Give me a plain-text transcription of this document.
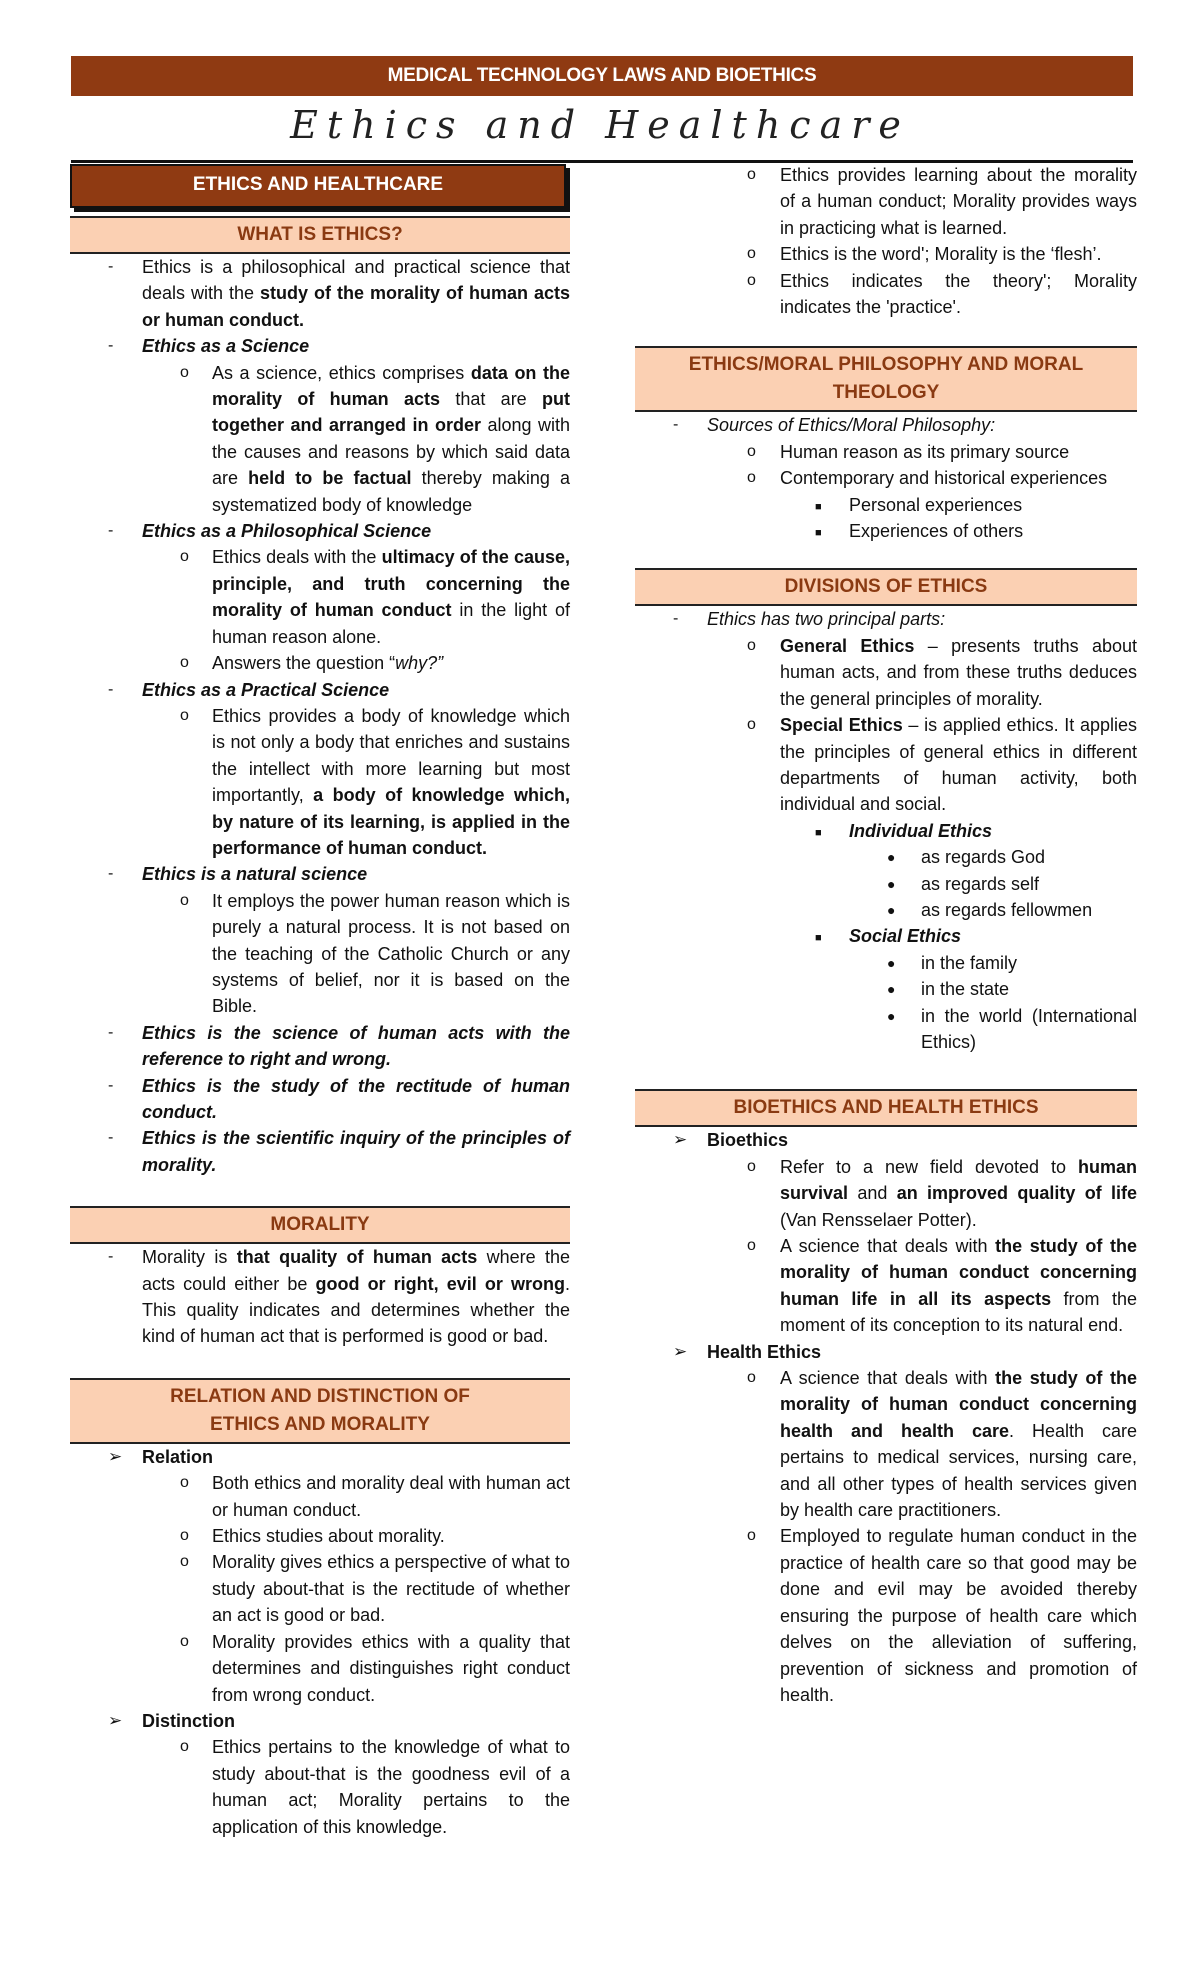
MEDICAL TECHNOLOGY LAWS AND BIOETHICS
Ethics and Healthcare
ETHICS AND HEALTHCARE
WHAT IS ETHICS?
- Ethics is a philosophical and practical science that deals with the study of the morality of human acts or human conduct.
- Ethics as a Science
o As a science, ethics comprises data on the morality of human acts that are put together and arranged in order along with the causes and reasons by which said data are held to be factual thereby making a systematized body of knowledge
- Ethics as a Philosophical Science
o Ethics deals with the ultimacy of the cause, principle, and truth concerning the morality of human conduct in the light of human reason alone.
o Answers the question “why?”
- Ethics as a Practical Science
o Ethics provides a body of knowledge which is not only a body that enriches and sustains the intellect with more learning but most importantly, a body of knowledge which, by nature of its learning, is applied in the performance of human conduct.
- Ethics is a natural science
o It employs the power human reason which is purely a natural process. It is not based on the teaching of the Catholic Church or any systems of belief, nor it is based on the Bible.
- Ethics is the science of human acts with the reference to right and wrong.
- Ethics is the study of the rectitude of human conduct.
- Ethics is the scientific inquiry of the principles of morality.
MORALITY
- Morality is that quality of human acts where the acts could either be good or right, evil or wrong. This quality indicates and determines whether the kind of human act that is performed is good or bad.
RELATION AND DISTINCTION OF
ETHICS AND MORALITY
➢ Relation
o Both ethics and morality deal with human act or human conduct.
o Ethics studies about morality.
o Morality gives ethics a perspective of what to study about-that is the rectitude of whether an act is good or bad.
o Morality provides ethics with a quality that determines and distinguishes right conduct from wrong conduct.
➢ Distinction
o Ethics pertains to the knowledge of what to study about-that is the goodness evil of a human act; Morality pertains to the application of this knowledge.
o Ethics provides learning about the morality of a human conduct; Morality provides ways in practicing what is learned.
o Ethics is the word'; Morality is the ‘flesh’.
o Ethics indicates the theory'; Morality indicates the 'practice'.
ETHICS/MORAL PHILOSOPHY AND MORAL
THEOLOGY
- Sources of Ethics/Moral Philosophy:
o Human reason as its primary source
o Contemporary and historical experiences
■ Personal experiences
■ Experiences of others
DIVISIONS OF ETHICS
- Ethics has two principal parts:
o General Ethics – presents truths about human acts, and from these truths deduces the general principles of morality.
o Special Ethics – is applied ethics. It applies the principles of general ethics in different departments of human activity, both individual and social.
■ Individual Ethics
● as regards God
● as regards self
● as regards fellowmen
■ Social Ethics
● in the family
● in the state
● in the world (International Ethics)
BIOETHICS AND HEALTH ETHICS
➢ Bioethics
o Refer to a new field devoted to human survival and an improved quality of life (Van Rensselaer Potter).
o A science that deals with the study of the morality of human conduct concerning human life in all its aspects from the moment of its conception to its natural end.
➢ Health Ethics
o A science that deals with the study of the morality of human conduct concerning health and health care. Health care pertains to medical services, nursing care, and all other types of health services given by health care practitioners.
o Employed to regulate human conduct in the practice of health care so that good may be done and evil may be avoided thereby ensuring the purpose of health care which delves on the alleviation of suffering, prevention of sickness and promotion of health.
